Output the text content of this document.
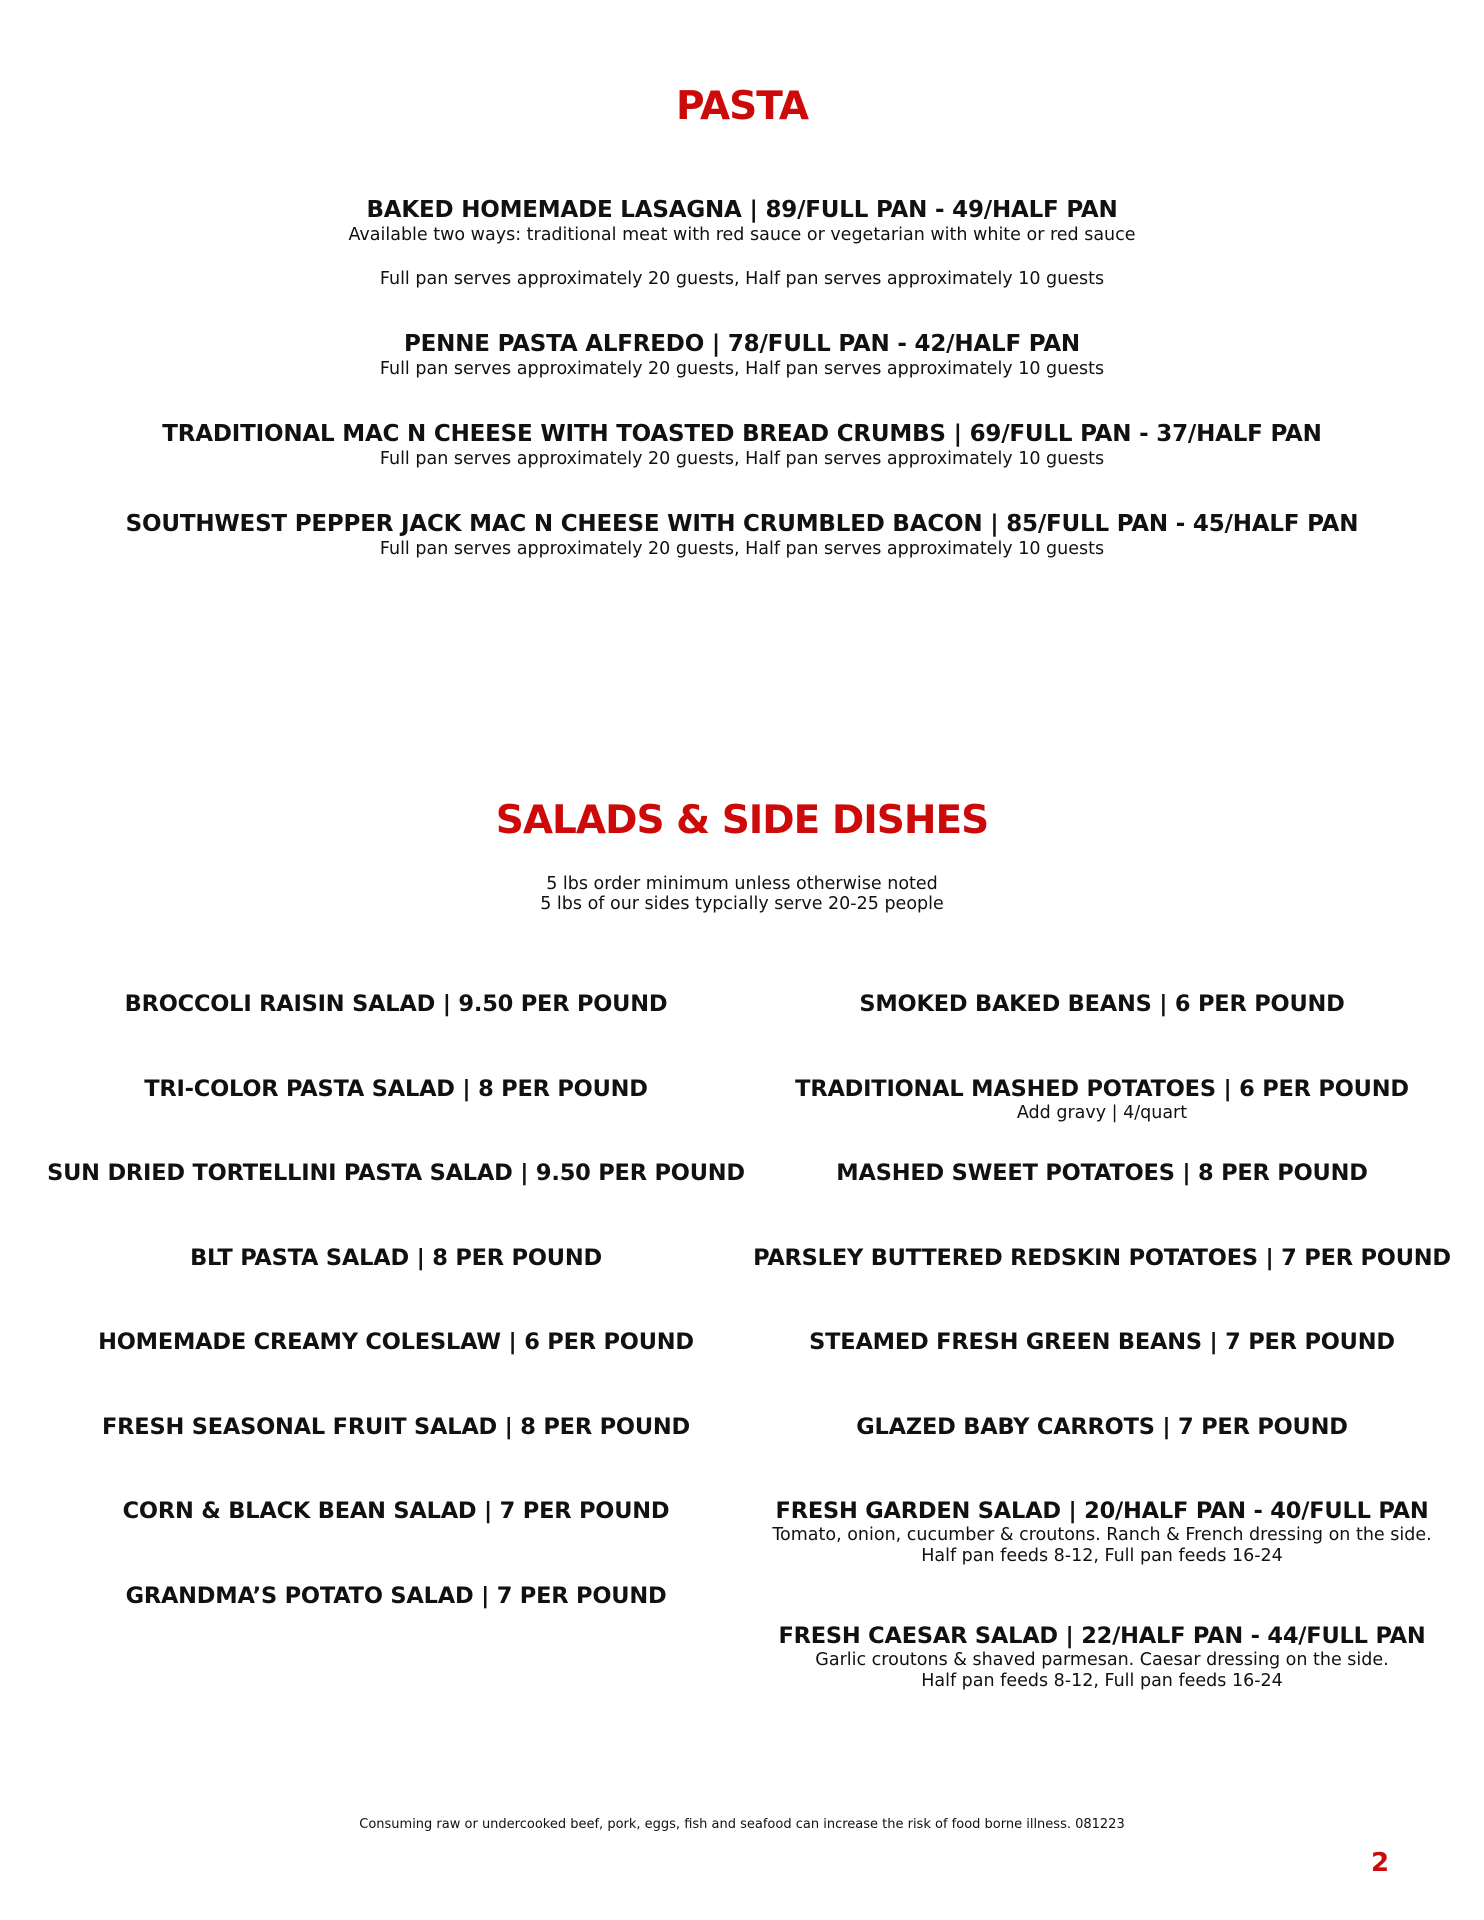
PASTA

BAKED HOMEMADE LASAGNA | 89/FULL PAN - 49/HALF PAN

Available two ways: traditional meat with red sauce or vegetarian with white or red sauce

Full pan serves approximately 20 guests, Half pan serves approximately 10 guests

PENNE PASTA ALFREDO | 78/FULL PAN - 42/HALF PAN

Full pan serves approximately 20 guests, Half pan serves approximately 10 guests

TRADITIONAL MAC N CHEESE WITH TOASTED BREAD CRUMBS | 69/FULL PAN - 37/HALF PAN

Full pan serves approximately 20 guests, Half pan serves approximately 10 guests

SOUTHWEST PEPPER JACK MAC N CHEESE WITH CRUMBLED BACON | 85/FULL PAN - 45/HALF PAN

Full pan serves approximately 20 guests, Half pan serves approximately 10 guests

SALADS & SIDE DISHES
5 lbs order minimum unless otherwise noted
5 lbs of our sides typcially serve 20-25 people
BROCCOLI RAISIN SALAD | 9.50 PER POUND
TRI-COLOR PASTA SALAD | 8 PER POUND
SUN DRIED TORTELLINI PASTA SALAD | 9.50 PER POUND
BLT PASTA SALAD | 8 PER POUND
HOMEMADE CREAMY COLESLAW | 6 PER POUND
FRESH SEASONAL FRUIT SALAD | 8 PER POUND
CORN & BLACK BEAN SALAD | 7 PER POUND
GRANDMA’S POTATO SALAD | 7 PER POUND
SMOKED BAKED BEANS | 6 PER POUND
TRADITIONAL MASHED POTATOES | 6 PER POUND
Add gravy | 4/quart
MASHED SWEET POTATOES | 8 PER POUND
PARSLEY BUTTERED REDSKIN POTATOES | 7 PER POUND
STEAMED FRESH GREEN BEANS | 7 PER POUND
GLAZED BABY CARROTS | 7 PER POUND
FRESH GARDEN SALAD | 20/HALF PAN - 40/FULL PAN
Tomato, onion, cucumber & croutons. Ranch & French dressing on the side.
Half pan feeds 8-12, Full pan feeds 16-24
FRESH CAESAR SALAD | 22/HALF PAN - 44/FULL PAN
Garlic croutons & shaved parmesan. Caesar dressing on the side.
Half pan feeds 8-12, Full pan feeds 16-24
Consuming raw or undercooked beef, pork, eggs, fish and seafood can increase the risk of food borne illness. 081223
2
